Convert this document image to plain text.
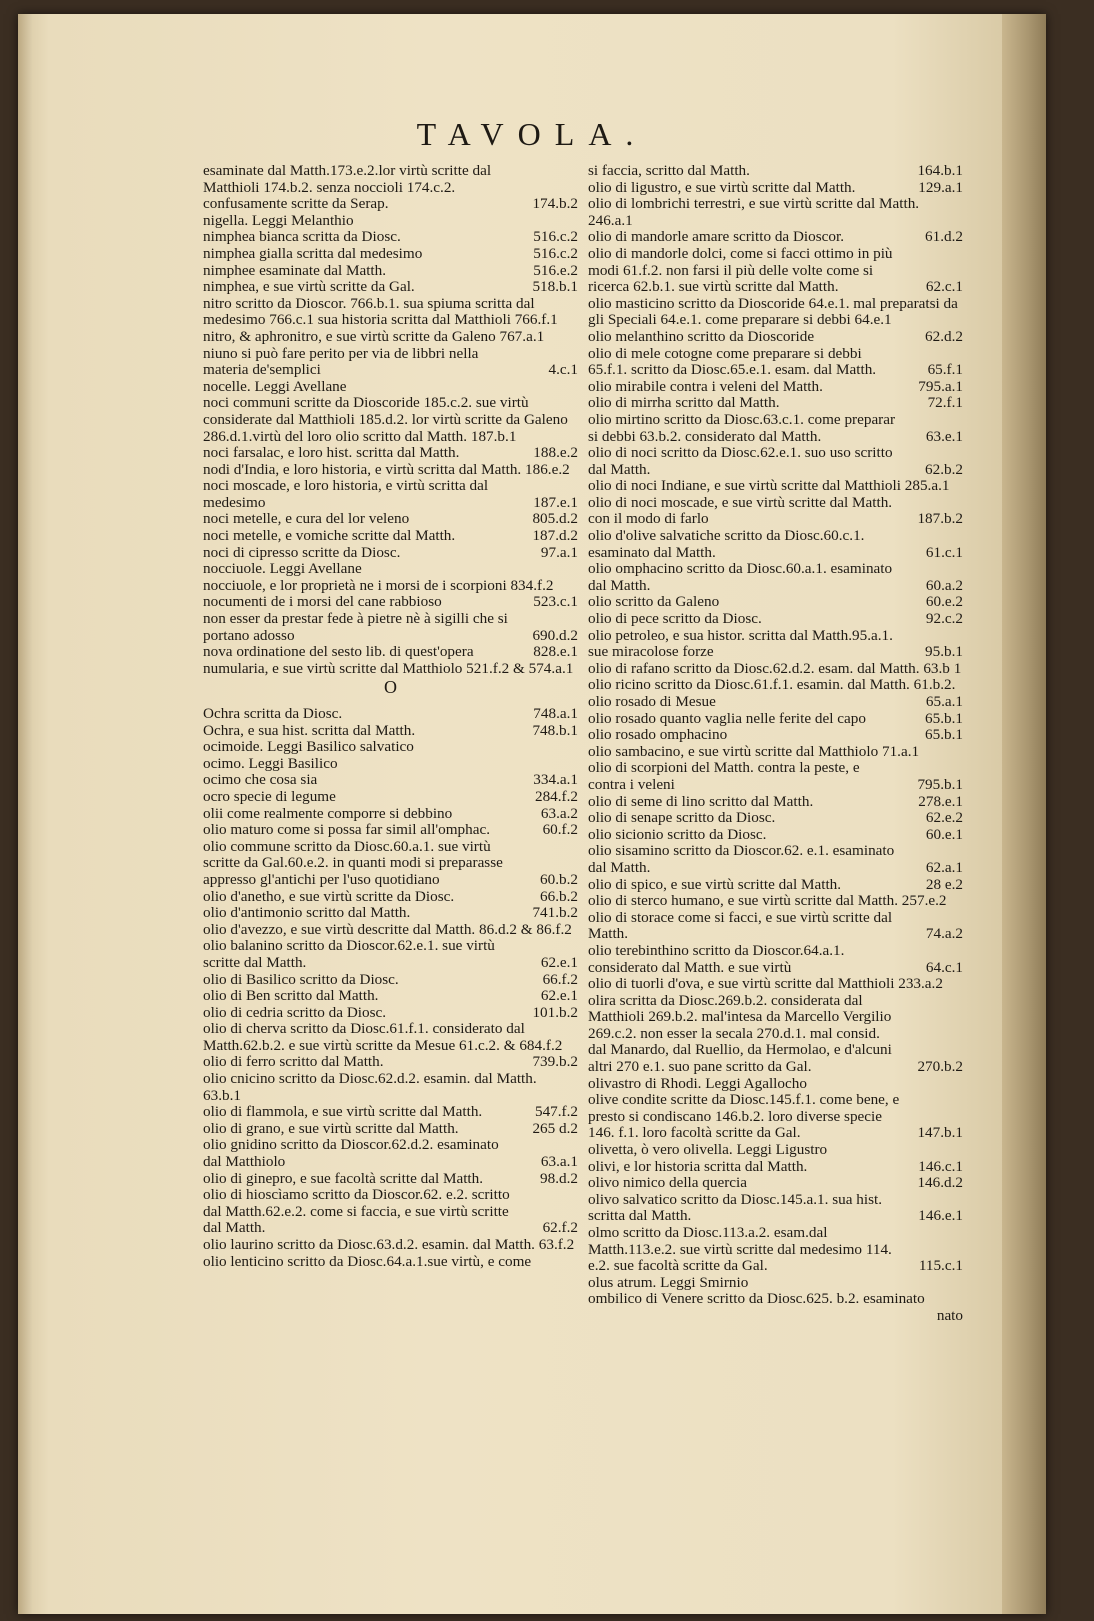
TAVOLA.
esaminate dal Matth.173.e.2.lor virtù scritte dal Matthioli 174.b.2. senza noccioli 174.c.2. confusamente scritte da Serap.	174.b.2
nigella. Leggi Melanthio
nimphea bianca scritta da Diosc.	516.c.2
nimphea gialla scritta dal medesimo	516.c.2
nimphee esaminate dal Matth.	516.e.2
nimphea, e sue virtù scritte da Gal.	518.b.1
nitro scritto da Dioscor. 766.b.1. sua spiuma scritta dal medesimo 766.c.1 sua historia scritta dal Matthioli 766.f.1
nitro, & aphronitro, e sue virtù scritte da Galeno 767.a.1
niuno si può fare perito per via de libbri nella materia de'semplici	4.c.1
nocelle. Leggi Avellane
noci communi scritte da Dioscoride 185.c.2. sue virtù considerate dal Matthioli 185.d.2. lor virtù scritte da Galeno 286.d.1.virtù del loro olio scritto dal Matth. 187.b.1
noci farsalac, e loro hist. scritta dal Matth.	188.e.2
nodi d'India, e loro historia, e virtù scritta dal Matth. 186.e.2
noci moscade, e loro historia, e virtù scritta dal medesimo	187.e.1
noci metelle, e cura del lor veleno	805.d.2
noci metelle, e vomiche scritte dal Matth.	187.d.2
noci di cipresso scritte da Diosc.	97.a.1
nocciuole. Leggi Avellane
nocciuole, e lor proprietà ne i morsi de i scorpioni 834.f.2
nocumenti de i morsi del cane rabbioso	523.c.1
non esser da prestar fede à pietre nè à sigilli che si portano adosso	690.d.2
nova ordinatione del sesto lib. di quest'opera	828.e.1
numularia, e sue virtù scritte dal Matthiolo 521.f.2 & 574.a.1
O
Ochra scritta da Diosc.	748.a.1
Ochra, e sua hist. scritta dal Matth.	748.b.1
ocimoide. Leggi Basilico salvatico
ocimo. Leggi Basilico
ocimo che cosa sia	334.a.1
ocro specie di legume	284.f.2
olii come realmente comporre si debbino	63.a.2
olio maturo come si possa far simil all'omphac.	60.f.2
olio commune scritto da Diosc.60.a.1. sue virtù scritte da Gal.60.e.2. in quanti modi si preparasse appresso gl'antichi per l'uso quotidiano	60.b.2
olio d'anetho, e sue virtù scritte da Diosc.	66.b.2
olio d'antimonio scritto dal Matth.	741.b.2
olio d'avezzo, e sue virtù descritte dal Matth. 86.d.2 & 86.f.2
olio balanino scritto da Dioscor.62.e.1. sue virtù scritte dal Matth.	62.e.1
olio di Basilico scritto da Diosc.	66.f.2
olio di Ben scritto dal Matth.	62.e.1
olio di cedria scritto da Diosc.	101.b.2
olio di cherva scritto da Diosc.61.f.1. considerato dal Matth.62.b.2. e sue virtù scritte da Mesue 61.c.2. & 684.f.2
olio di ferro scritto dal Matth.	739.b.2
olio cnicino scritto da Diosc.62.d.2. esamin. dal Matth. 63.b.1
olio di flammola, e sue virtù scritte dal Matth.	547.f.2
olio di grano, e sue virtù scritte dal Matth.	265 d.2
olio gnidino scritto da Dioscor.62.d.2. esaminato dal Matthiolo	63.a.1
olio di ginepro, e sue facoltà scritte dal Matth.	98.d.2
olio di hioscìamo scritto da Dioscor.62. e.2. scritto dal Matth.62.e.2. come si faccia, e sue virtù scritte dal Matth.	62.f.2
olio laurino scritto da Diosc.63.d.2. esamin. dal Matth. 63.f.2
olio lenticino scritto da Diosc.64.a.1.sue virtù, e come
si faccia, scritto dal Matth.	164.b.1
olio di ligustro, e sue virtù scritte dal Matth.	129.a.1
olio di lombrichi terrestri, e sue virtù scritte dal Matth. 246.a.1
olio di mandorle amare scritto da Dioscor.	61.d.2
olio di mandorle dolci, come si facci ottimo in più modi 61.f.2. non farsi il più delle volte come si ricerca 62.b.1. sue virtù scritte dal Matth.	62.c.1
olio masticino scritto da Dioscoride 64.e.1. mal preparatsi da gli Speciali 64.e.1. come preparare si debbi 64.e.1
olio melanthino scritto da Dioscoride	62.d.2
olio di mele cotogne come preparare si debbi 65.f.1. scritto da Diosc.65.e.1. esam. dal Matth.	65.f.1
olio mirabile contra i veleni del Matth.	795.a.1
olio di mirrha scritto dal Matth.	72.f.1
olio mirtino scritto da Diosc.63.c.1. come preparar si debbi 63.b.2. considerato dal Matth.	63.e.1
olio di noci scritto da Diosc.62.e.1. suo uso scritto dal Matth.	62.b.2
olio di noci Indiane, e sue virtù scritte dal Matthioli 285.a.1
olio di noci moscade, e sue virtù scritte dal Matth. con il modo di farlo	187.b.2
olio d'olive salvatiche scritto da Diosc.60.c.1. esaminato dal Matth.	61.c.1
olio omphacino scritto da Diosc.60.a.1. esaminato dal Matth.	60.a.2
olio scritto da Galeno	60.e.2
olio di pece scritto da Diosc.	92.c.2
olio petroleo, e sua histor. scritta dal Matth.95.a.1. sue miracolose forze	95.b.1
olio di rafano scritto da Diosc.62.d.2. esam. dal Matth. 63.b 1
olio ricino scritto da Diosc.61.f.1. esamin. dal Matth. 61.b.2.
olio rosado di Mesue	65.a.1
olio rosado quanto vaglia nelle ferite del capo	65.b.1
olio rosado omphacino	65.b.1
olio sambacino, e sue virtù scritte dal Matthiolo 71.a.1
olio di scorpioni del Matth. contra la peste, e contra i veleni	795.b.1
olio di seme di lino scritto dal Matth.	278.e.1
olio di senape scritto da Diosc.	62.e.2
olio sicionio scritto da Diosc.	60.e.1
olio sisamino scritto da Dioscor.62. e.1. esaminato dal Matth.	62.a.1
olio di spico, e sue virtù scritte dal Matth.	28 e.2
olio di sterco humano, e sue virtù scritte dal Matth. 257.e.2
olio di storace come si facci, e sue virtù scritte dal Matth.	74.a.2
olio terebinthino scritto da Dioscor.64.a.1. considerato dal Matth. e sue virtù	64.c.1
olio di tuorli d'ova, e sue virtù scritte dal Matthioli 233.a.2
olira scritta da Diosc.269.b.2. considerata dal Matthioli 269.b.2. mal'intesa da Marcello Vergilio 269.c.2. non esser la secala 270.d.1. mal consid. dal Manardo, dal Ruellio, da Hermolao, e d'alcuni altri 270 e.1. suo pane scritto da Gal.	270.b.2
olivastro di Rhodi. Leggi Agallocho
olive condite scritte da Diosc.145.f.1. come bene, e presto si condiscano 146.b.2. loro diverse specie 146. f.1. loro facoltà scritte da Gal.	147.b.1
olivetta, ò vero olivella. Leggi Ligustro
olivi, e lor historia scritta dal Matth.	146.c.1
olivo nimico della quercia	146.d.2
olivo salvatico scritto da Diosc.145.a.1. sua hist. scritta dal Matth.	146.e.1
olmo scritto da Diosc.113.a.2. esam.dal Matth.113.e.2. sue virtù scritte dal medesimo 114. e.2. sue facoltà scritte da Gal.	115.c.1
olus atrum. Leggi Smirnio
ombilico di Venere scritto da Diosc.625. b.2. esaminato
nato
